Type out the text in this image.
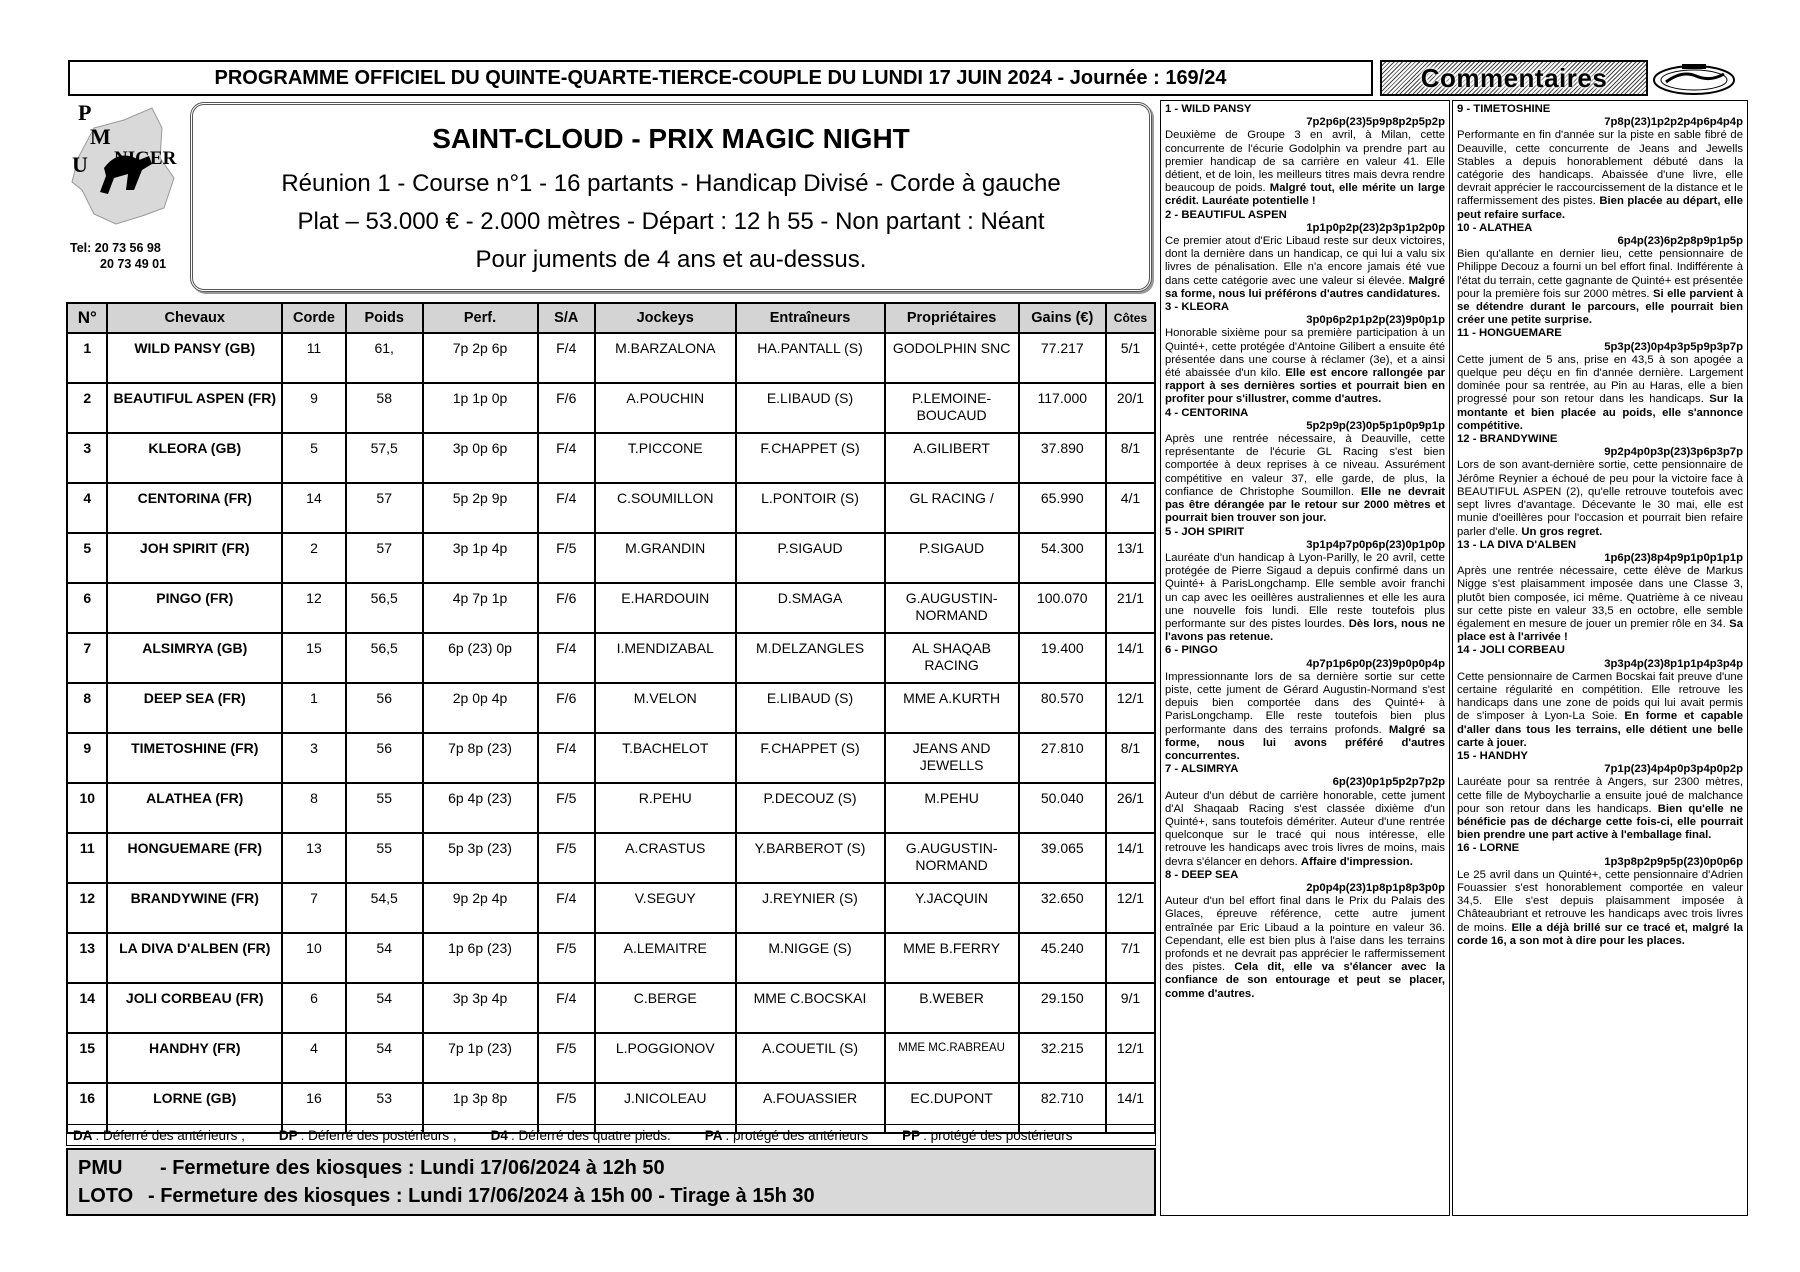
PROGRAMME OFFICIEL DU QUINTE-QUARTE-TIERCE-COUPLE DU LUNDI 17 JUIN 2024 - Journée : 169/24	Commentaires
P
M
U NIGER
Tel: 20 73 56 98
20 73 49 01
SAINT-CLOUD - PRIX MAGIC NIGHT
Réunion 1 - Course n°1 - 16 partants - Handicap Divisé - Corde à gauche
Plat – 53.000 € - 2.000 mètres - Départ : 12 h 55 - Non partant : Néant
Pour juments de 4 ans et au-dessus.
N°	Chevaux	Corde	Poids	Perf.	S/A	Jockeys	Entraîneurs	Propriétaires	Gains (€)	Côtes
1	WILD PANSY (GB)	11	61,	7p 2p 6p	F/4	M.BARZALONA	HA.PANTALL (S)	GODOLPHIN SNC	77.217	5/1
2	BEAUTIFUL ASPEN (FR)	9	58	1p 1p 0p	F/6	A.POUCHIN	E.LIBAUD (S)	P.LEMOINE-BOUCAUD	117.000	20/1
3	KLEORA (GB)	5	57,5	3p 0p 6p	F/4	T.PICCONE	F.CHAPPET (S)	A.GILIBERT	37.890	8/1
4	CENTORINA (FR)	14	57	5p 2p 9p	F/4	C.SOUMILLON	L.PONTOIR (S)	GL RACING /	65.990	4/1
5	JOH SPIRIT (FR)	2	57	3p 1p 4p	F/5	M.GRANDIN	P.SIGAUD	P.SIGAUD	54.300	13/1
6	PINGO (FR)	12	56,5	4p 7p 1p	F/6	E.HARDOUIN	D.SMAGA	G.AUGUSTIN-NORMAND	100.070	21/1
7	ALSIMRYA (GB)	15	56,5	6p (23) 0p	F/4	I.MENDIZABAL	M.DELZANGLES	AL SHAQAB RACING	19.400	14/1
8	DEEP SEA (FR)	1	56	2p 0p 4p	F/6	M.VELON	E.LIBAUD (S)	MME A.KURTH	80.570	12/1
9	TIMETOSHINE (FR)	3	56	7p 8p (23)	F/4	T.BACHELOT	F.CHAPPET (S)	JEANS AND JEWELLS	27.810	8/1
10	ALATHEA (FR)	8	55	6p 4p (23)	F/5	R.PEHU	P.DECOUZ (S)	M.PEHU	50.040	26/1
11	HONGUEMARE (FR)	13	55	5p 3p (23)	F/5	A.CRASTUS	Y.BARBEROT (S)	G.AUGUSTIN-NORMAND	39.065	14/1
12	BRANDYWINE (FR)	7	54,5	9p 2p 4p	F/4	V.SEGUY	J.REYNIER (S)	Y.JACQUIN	32.650	12/1
13	LA DIVA D'ALBEN (FR)	10	54	1p 6p (23)	F/5	A.LEMAITRE	M.NIGGE (S)	MME B.FERRY	45.240	7/1
14	JOLI CORBEAU (FR)	6	54	3p 3p 4p	F/4	C.BERGE	MME C.BOCSKAI	B.WEBER	29.150	9/1
15	HANDHY (FR)	4	54	7p 1p (23)	F/5	L.POGGIONOV	A.COUETIL (S)	MME MC.RABREAU	32.215	12/1
16	LORNE (GB)	16	53	1p 3p 8p	F/5	J.NICOLEAU	A.FOUASSIER	EC.DUPONT	82.710	14/1
DA : Déferré des antérieurs ;	DP : Déferré des postérieurs ;	D4 : Déferré des quatre pieds.	PA . protégé des antérieurs	PP : protégé des postérieurs
PMU - Fermeture des kiosques : Lundi 17/06/2024 à 12h 50
LOTO - Fermeture des kiosques : Lundi 17/06/2024 à 15h 00 - Tirage à 15h 30
1 - WILD PANSY
7p2p6p(23)5p9p8p2p5p2p
Deuxième de Groupe 3 en avril, à Milan, cette concurrente de l'écurie Godolphin va prendre part au premier handicap de sa carrière en valeur 41. Elle détient, et de loin, les meilleurs titres mais devra rendre beaucoup de poids. Malgré tout, elle mérite un large crédit. Lauréate potentielle !
2 - BEAUTIFUL ASPEN
1p1p0p2p(23)2p3p1p2p0p
Ce premier atout d'Eric Libaud reste sur deux victoires, dont la dernière dans un handicap, ce qui lui a valu six livres de pénalisation. Elle n'a encore jamais été vue dans cette catégorie avec une valeur si élevée. Malgré sa forme, nous lui préférons d'autres candidatures.
3 - KLEORA
3p0p6p2p1p2p(23)9p0p1p
Honorable sixième pour sa première participation à un Quinté+, cette protégée d'Antoine Gilibert a ensuite été présentée dans une course à réclamer (3e), et a ainsi été abaissée d'un kilo. Elle est encore rallongée par rapport à ses dernières sorties et pourrait bien en profiter pour s'illustrer, comme d'autres.
4 - CENTORINA
5p2p9p(23)0p5p1p0p9p1p
Après une rentrée nécessaire, à Deauville, cette représentante de l'écurie GL Racing s'est bien comportée à deux reprises à ce niveau. Assurément compétitive en valeur 37, elle garde, de plus, la confiance de Christophe Soumillon. Elle ne devrait pas être dérangée par le retour sur 2000 mètres et pourrait bien trouver son jour.
5 - JOH SPIRIT
3p1p4p7p0p6p(23)0p1p0p
Lauréate d'un handicap à Lyon-Parilly, le 20 avril, cette protégée de Pierre Sigaud a depuis confirmé dans un Quinté+ à ParisLongchamp. Elle semble avoir franchi un cap avec les oeillères australiennes et elle les aura une nouvelle fois lundi. Elle reste toutefois plus performante sur des pistes lourdes. Dès lors, nous ne l'avons pas retenue.
6 - PINGO
4p7p1p6p0p(23)9p0p0p4p
Impressionnante lors de sa dernière sortie sur cette piste, cette jument de Gérard Augustin-Normand s'est depuis bien comportée dans des Quinté+ à ParisLongchamp. Elle reste toutefois bien plus performante dans des terrains profonds. Malgré sa forme, nous lui avons préféré d'autres concurrentes.
7 - ALSIMRYA
6p(23)0p1p5p2p7p2p
Auteur d'un début de carrière honorable, cette jument d'Al Shaqaab Racing s'est classée dixième d'un Quinté+, sans toutefois démériter. Auteur d'une rentrée quelconque sur le tracé qui nous intéresse, elle retrouve les handicaps avec trois livres de moins, mais devra s'élancer en dehors. Affaire d'impression.
8 - DEEP SEA
2p0p4p(23)1p8p1p8p3p0p
Auteur d'un bel effort final dans le Prix du Palais des Glaces, épreuve référence, cette autre jument entraînée par Eric Libaud a la pointure en valeur 36. Cependant, elle est bien plus à l'aise dans les terrains profonds et ne devrait pas apprécier le raffermissement des pistes. Cela dit, elle va s'élancer avec la confiance de son entourage et peut se placer, comme d'autres.
9 - TIMETOSHINE
7p8p(23)1p2p2p4p6p4p4p
Performante en fin d'année sur la piste en sable fibré de Deauville, cette concurrente de Jeans and Jewells Stables a depuis honorablement débuté dans la catégorie des handicaps. Abaissée d'une livre, elle devrait apprécier le raccourcissement de la distance et le raffermissement des pistes. Bien placée au départ, elle peut refaire surface.
10 - ALATHEA
6p4p(23)6p2p8p9p1p5p
Bien qu'allante en dernier lieu, cette pensionnaire de Philippe Decouz a fourni un bel effort final. Indifférente à l'état du terrain, cette gagnante de Quinté+ est présentée pour la première fois sur 2000 mètres. Si elle parvient à se détendre durant le parcours, elle pourrait bien créer une petite surprise.
11 - HONGUEMARE
5p3p(23)0p4p3p5p9p3p7p
Cette jument de 5 ans, prise en 43,5 à son apogée a quelque peu déçu en fin d'année dernière. Largement dominée pour sa rentrée, au Pin au Haras, elle a bien progressé pour son retour dans les handicaps. Sur la montante et bien placée au poids, elle s'annonce compétitive.
12 - BRANDYWINE
9p2p4p0p3p(23)3p6p3p7p
Lors de son avant-dernière sortie, cette pensionnaire de Jérôme Reynier a échoué de peu pour la victoire face à BEAUTIFUL ASPEN (2), qu'elle retrouve toutefois avec sept livres d'avantage. Décevante le 30 mai, elle est munie d'oeillères pour l'occasion et pourrait bien refaire parler d'elle. Un gros regret.
13 - LA DIVA D'ALBEN
1p6p(23)8p4p9p1p0p1p1p
Après une rentrée nécessaire, cette élève de Markus Nigge s'est plaisamment imposée dans une Classe 3, plutôt bien composée, ici même. Quatrième à ce niveau sur cette piste en valeur 33,5 en octobre, elle semble également en mesure de jouer un premier rôle en 34. Sa place est à l'arrivée !
14 - JOLI CORBEAU
3p3p4p(23)8p1p1p4p3p4p
Cette pensionnaire de Carmen Bocskai fait preuve d'une certaine régularité en compétition. Elle retrouve les handicaps dans une zone de poids qui lui avait permis de s'imposer à Lyon-La Soie. En forme et capable d'aller dans tous les terrains, elle détient une belle carte à jouer.
15 - HANDHY
7p1p(23)4p4p0p3p4p0p2p
Lauréate pour sa rentrée à Angers, sur 2300 mètres, cette fille de Myboycharlie a ensuite joué de malchance pour son retour dans les handicaps. Bien qu'elle ne bénéficie pas de décharge cette fois-ci, elle pourrait bien prendre une part active à l'emballage final.
16 - LORNE
1p3p8p2p9p5p(23)0p0p6p
Le 25 avril dans un Quinté+, cette pensionnaire d'Adrien Fouassier s'est honorablement comportée en valeur 34,5. Elle s'est depuis plaisamment imposée à Châteaubriant et retrouve les handicaps avec trois livres de moins. Elle a déjà brillé sur ce tracé et, malgré la corde 16, a son mot à dire pour les places.
